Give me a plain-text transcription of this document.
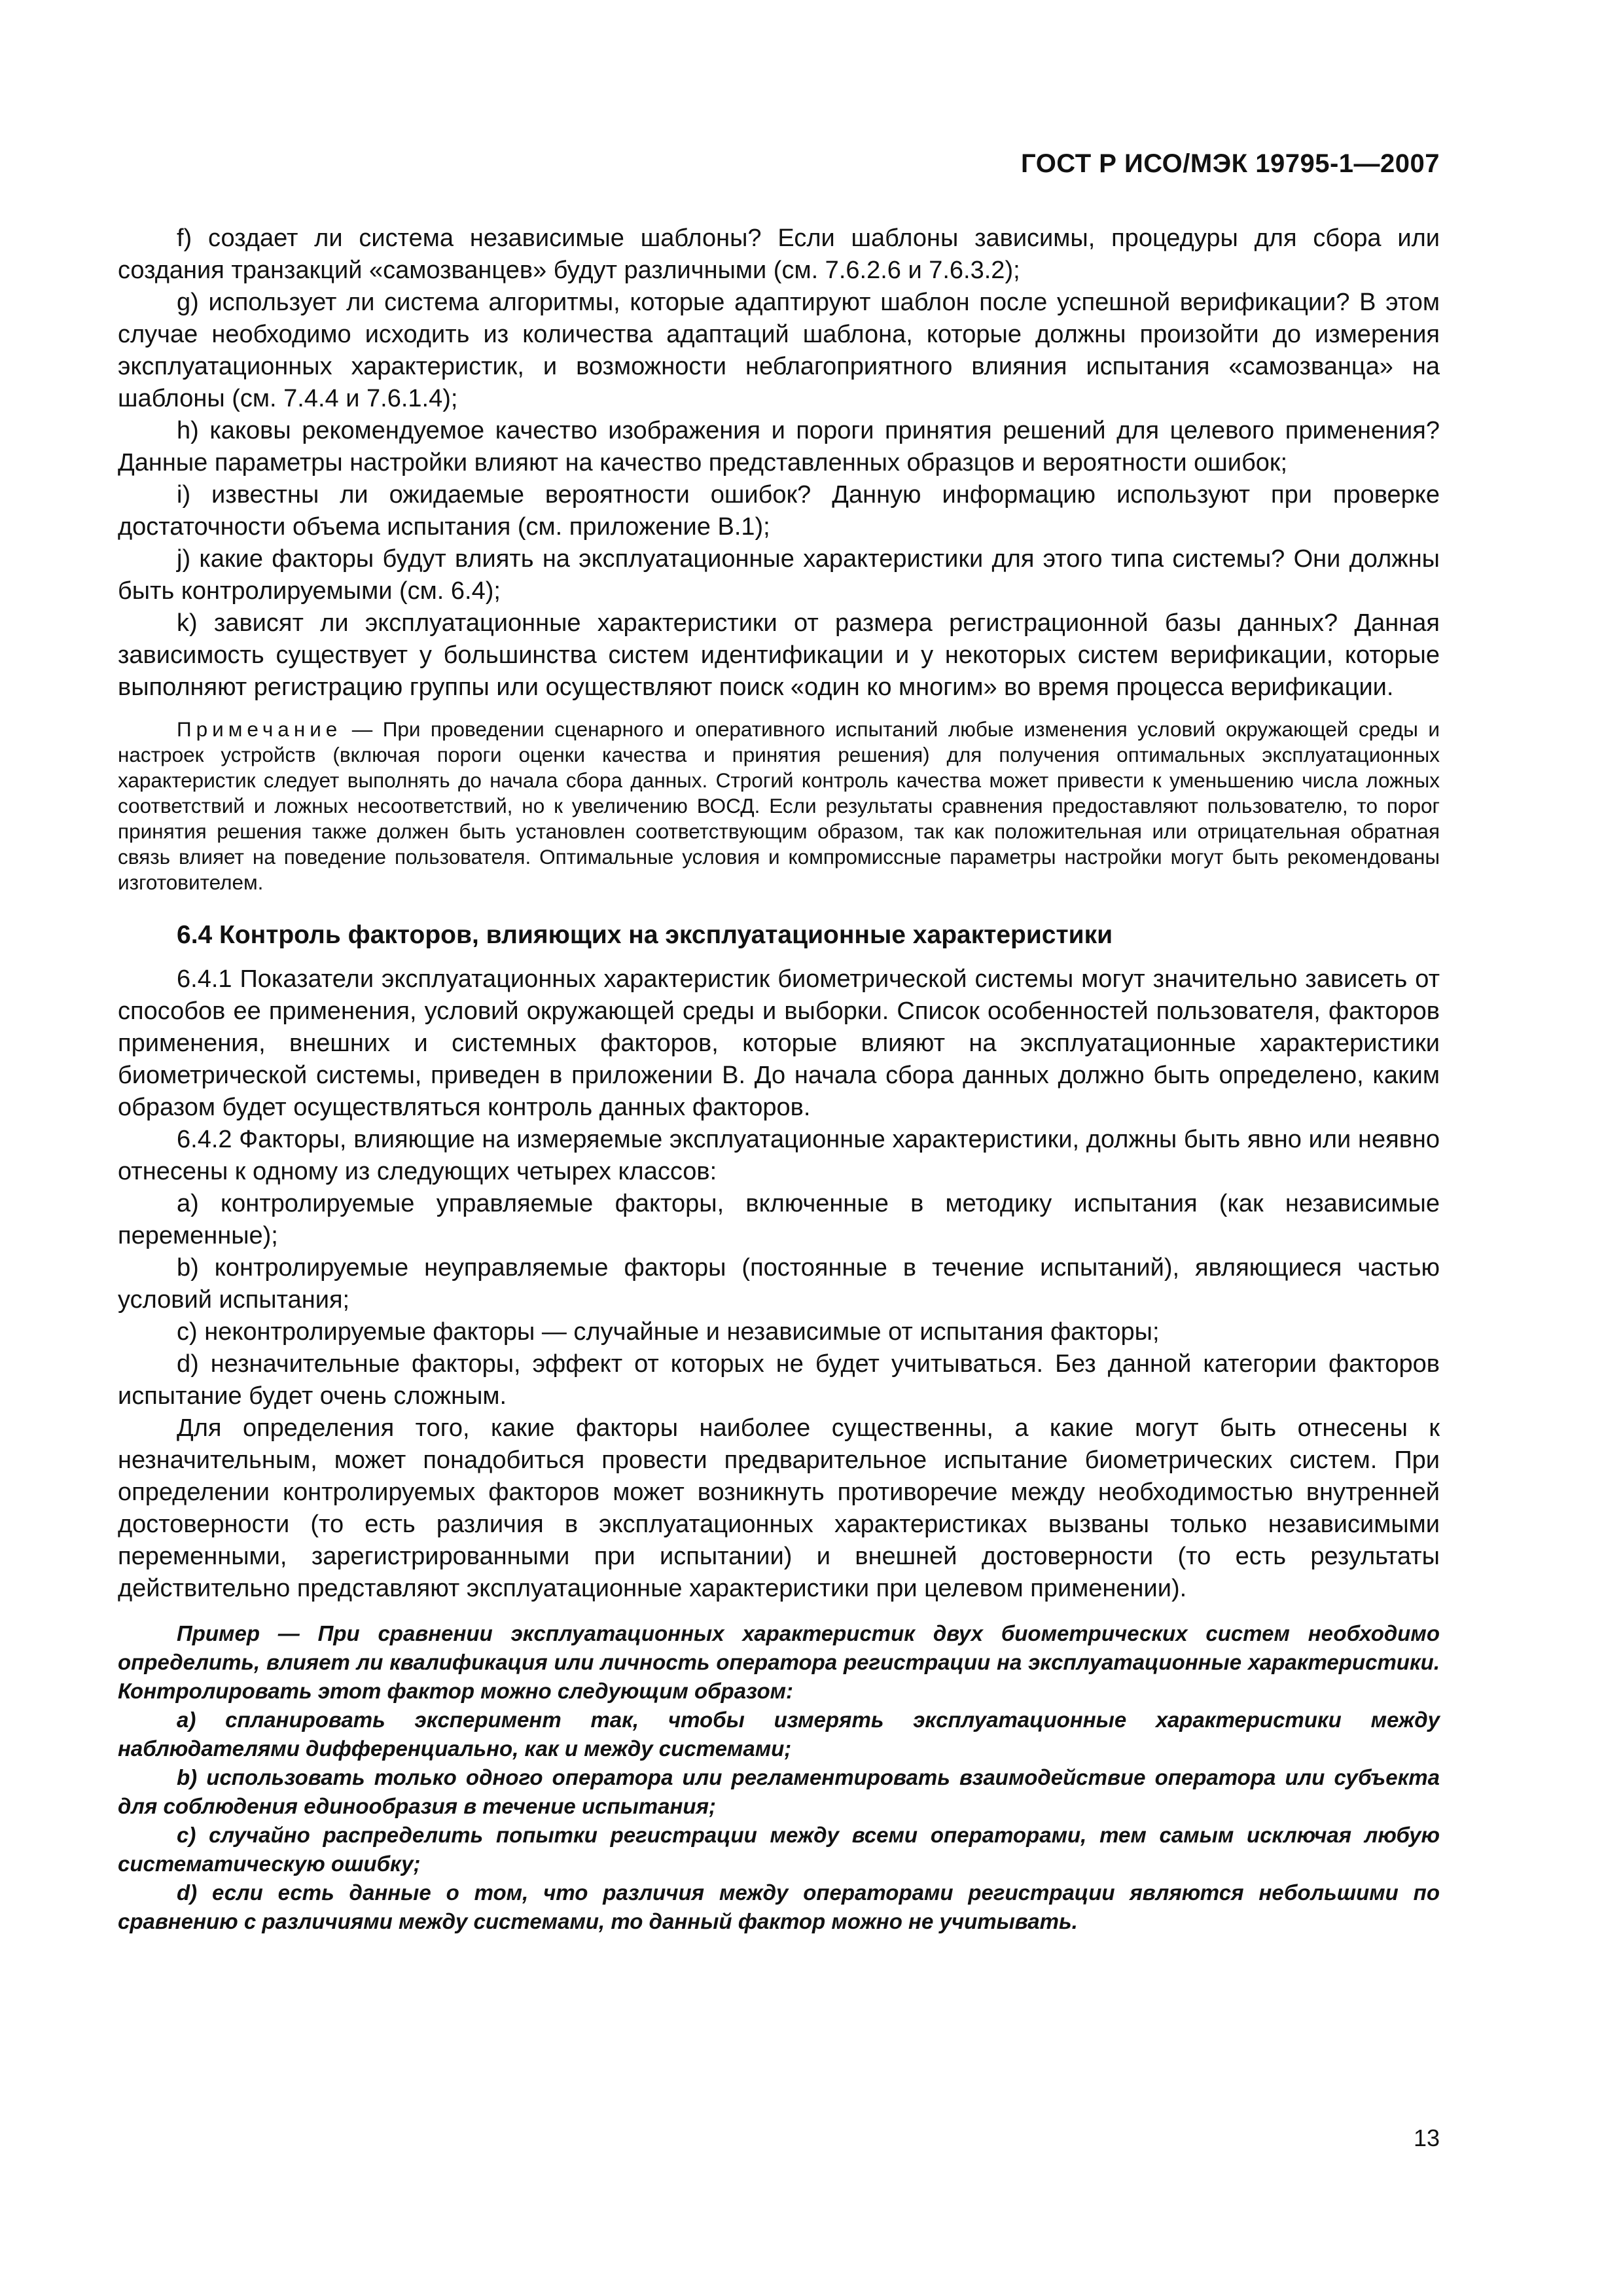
ГОСТ Р ИСО/МЭК 19795-1—2007

f) создает ли система независимые шаблоны? Если шаблоны зависимы, процедуры для сбора или создания транзакций «самозванцев» будут различными (см. 7.6.2.6 и 7.6.3.2);

g) использует ли система алгоритмы, которые адаптируют шаблон после успешной верификации? В этом случае необходимо исходить из количества адаптаций шаблона, которые должны произойти до измерения эксплуатационных характеристик, и возможности неблагоприятного влияния испытания «самозванца» на шаблоны (см. 7.4.4 и 7.6.1.4);

h) каковы рекомендуемое качество изображения и пороги принятия решений для целевого применения? Данные параметры настройки влияют на качество представленных образцов и вероятности ошибок;

i) известны ли ожидаемые вероятности ошибок? Данную информацию используют при проверке достаточности объема испытания (см. приложение В.1);

j) какие факторы будут влиять на эксплуатационные характеристики для этого типа системы? Они должны быть контролируемыми (см. 6.4);

k) зависят ли эксплуатационные характеристики от размера регистрационной базы данных? Данная зависимость существует у большинства систем идентификации и у некоторых систем верификации, которые выполняют регистрацию группы или осуществляют поиск «один ко многим» во время процесса верификации.

Примечание — При проведении сценарного и оперативного испытаний любые изменения условий окружающей среды и настроек устройств (включая пороги оценки качества и принятия решения) для получения оптимальных эксплуатационных характеристик следует выполнять до начала сбора данных. Строгий контроль качества может привести к уменьшению числа ложных соответствий и ложных несоответствий, но к увеличению ВОСД. Если результаты сравнения предоставляют пользователю, то порог принятия решения также должен быть установлен соответствующим образом, так как положительная или отрицательная обратная связь влияет на поведение пользователя. Оптимальные условия и компромиссные параметры настройки могут быть рекомендованы изготовителем.

6.4 Контроль факторов, влияющих на эксплуатационные характеристики

6.4.1 Показатели эксплуатационных характеристик биометрической системы могут значительно зависеть от способов ее применения, условий окружающей среды и выборки. Список особенностей пользователя, факторов применения, внешних и системных факторов, которые влияют на эксплуатационные характеристики биометрической системы, приведен в приложении В. До начала сбора данных должно быть определено, каким образом будет осуществляться контроль данных факторов.

6.4.2 Факторы, влияющие на измеряемые эксплуатационные характеристики, должны быть явно или неявно отнесены к одному из следующих четырех классов:

a) контролируемые управляемые факторы, включенные в методику испытания (как независимые переменные);

b) контролируемые неуправляемые факторы (постоянные в течение испытаний), являющиеся частью условий испытания;

c) неконтролируемые факторы — случайные и независимые от испытания факторы;

d) незначительные факторы, эффект от которых не будет учитываться. Без данной категории факторов испытание будет очень сложным.

Для определения того, какие факторы наиболее существенны, а какие могут быть отнесены к незначительным, может понадобиться провести предварительное испытание биометрических систем. При определении контролируемых факторов может возникнуть противоречие между необходимостью внутренней достоверности (то есть различия в эксплуатационных характеристиках вызваны только независимыми переменными, зарегистрированными при испытании) и внешней достоверности (то есть результаты действительно представляют эксплуатационные характеристики при целевом применении).

Пример — При сравнении эксплуатационных характеристик двух биометрических систем необходимо определить, влияет ли квалификация или личность оператора регистрации на эксплуатационные характеристики. Контролировать этот фактор можно следующим образом:

а) спланировать эксперимент так, чтобы измерять эксплуатационные характеристики между наблюдателями дифференциально, как и между системами;

b) использовать только одного оператора или регламентировать взаимодействие оператора или субъекта для соблюдения единообразия в течение испытания;

c) случайно распределить попытки регистрации между всеми операторами, тем самым исключая любую систематическую ошибку;

d) если есть данные о том, что различия между операторами регистрации являются небольшими по сравнению с различиями между системами, то данный фактор можно не учитывать.

13
